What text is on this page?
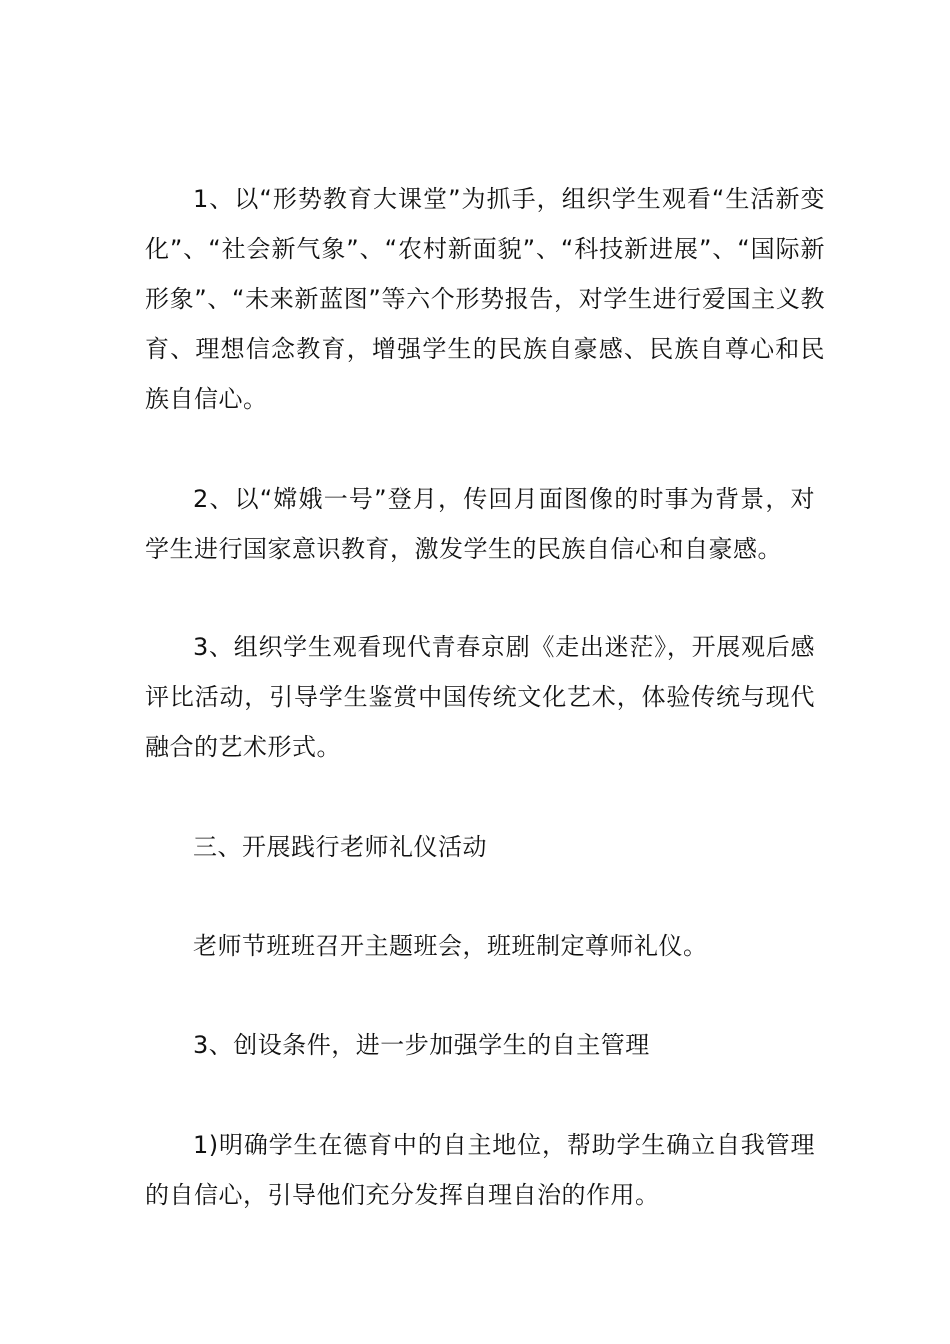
1、以“形势教育大课堂”为抓手，组织学生观看“生活新变化”、“社会新气象”、“农村新面貌”、“科技新进展”、“国际新形象”、“未来新蓝图”等六个形势报告，对学生进行爱国主义教育、理想信念教育，增强学生的民族自豪感、民族自尊心和民族自信心。

2、以“嫦娥一号”登月，传回月面图像的时事为背景，对学生进行国家意识教育，激发学生的民族自信心和自豪感。

3、组织学生观看现代青春京剧《走出迷茫》，开展观后感评比活动，引导学生鉴赏中国传统文化艺术，体验传统与现代融合的艺术形式。

三、开展践行老师礼仪活动

老师节班班召开主题班会，班班制定尊师礼仪。

3、创设条件，进一步加强学生的自主管理

1)明确学生在德育中的自主地位，帮助学生确立自我管理的自信心，引导他们充分发挥自理自治的作用。
